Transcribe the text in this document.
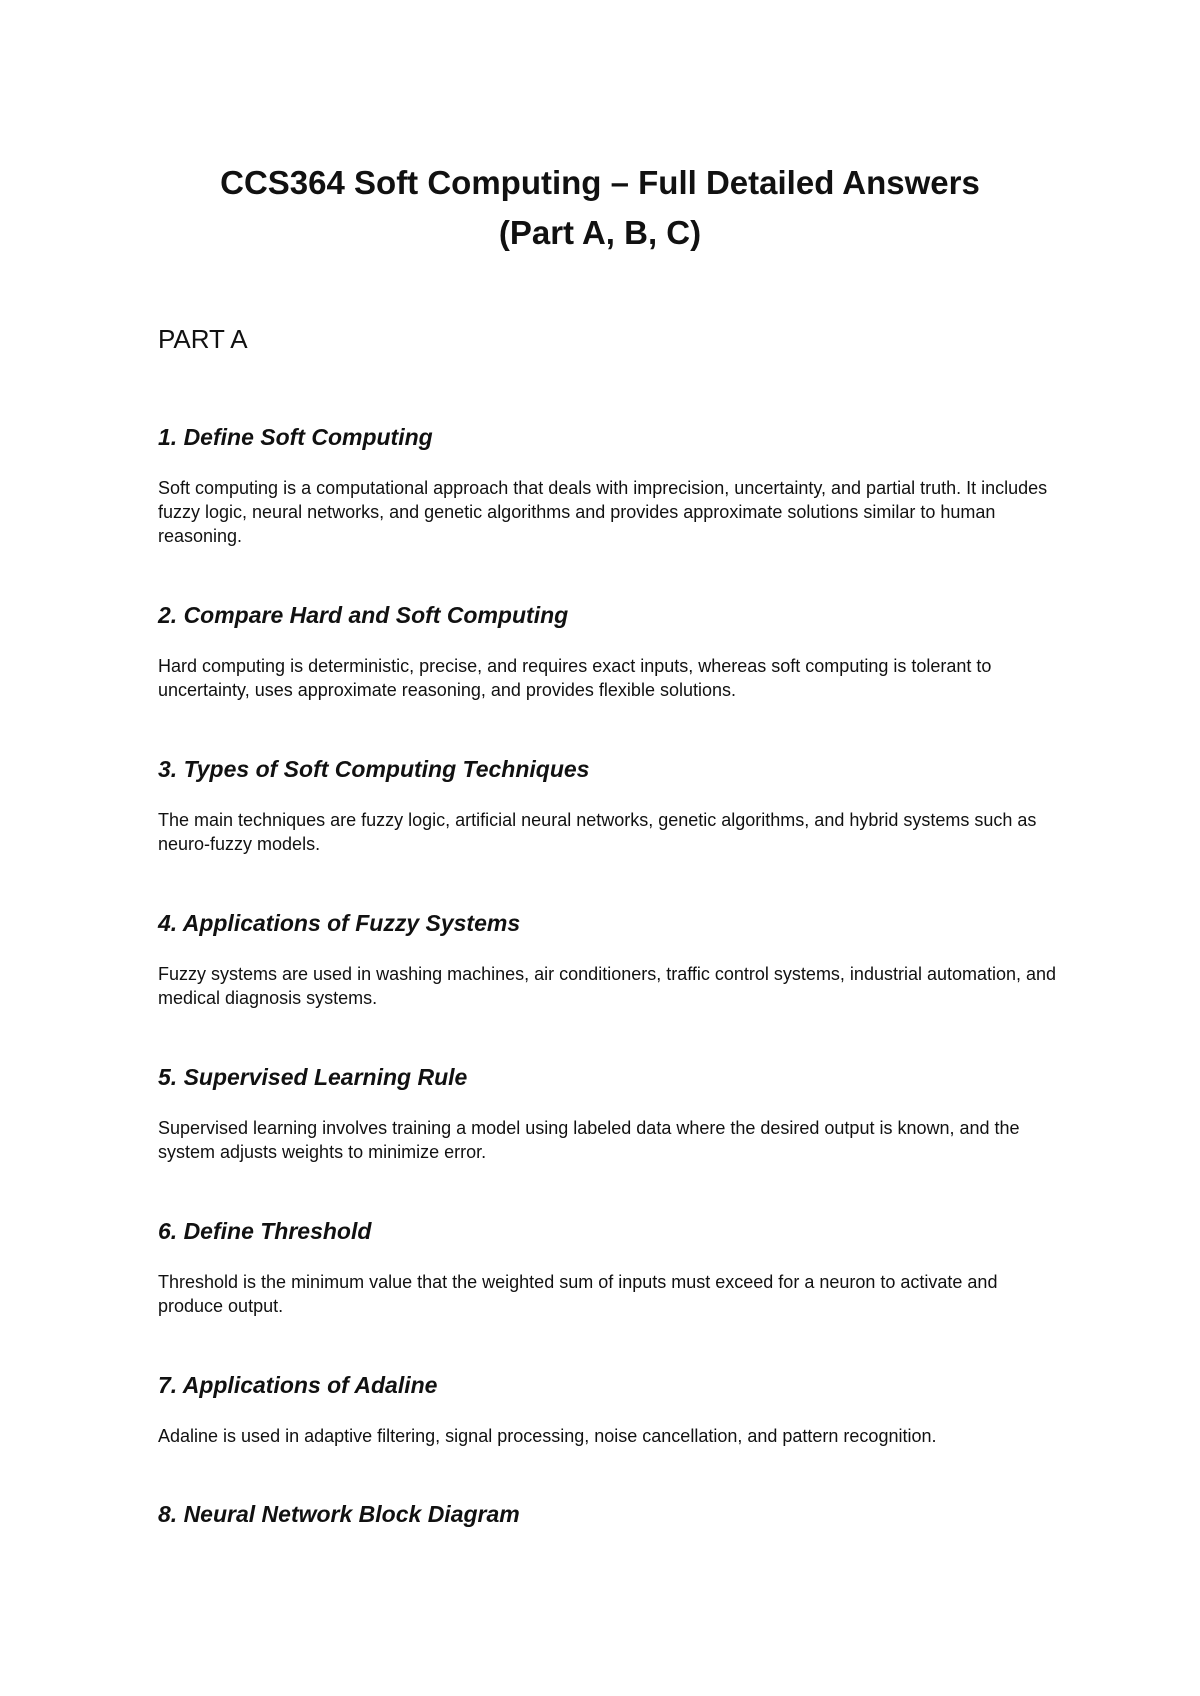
CCS364 Soft Computing – Full Detailed Answers
(Part A, B, C)
PART A
1. Define Soft Computing

Soft computing is a computational approach that deals with imprecision, uncertainty, and partial truth. It includes fuzzy logic, neural networks, and genetic algorithms and provides approximate solutions similar to human reasoning.

2. Compare Hard and Soft Computing

Hard computing is deterministic, precise, and requires exact inputs, whereas soft computing is tolerant to uncertainty, uses approximate reasoning, and provides flexible solutions.

3. Types of Soft Computing Techniques

The main techniques are fuzzy logic, artificial neural networks, genetic algorithms, and hybrid systems such as neuro-fuzzy models.

4. Applications of Fuzzy Systems

Fuzzy systems are used in washing machines, air conditioners, traffic control systems, industrial automation, and medical diagnosis systems.

5. Supervised Learning Rule

Supervised learning involves training a model using labeled data where the desired output is known, and the system adjusts weights to minimize error.

6. Define Threshold

Threshold is the minimum value that the weighted sum of inputs must exceed for a neuron to activate and produce output.

7. Applications of Adaline

Adaline is used in adaptive filtering, signal processing, noise cancellation, and pattern recognition.

8. Neural Network Block Diagram
